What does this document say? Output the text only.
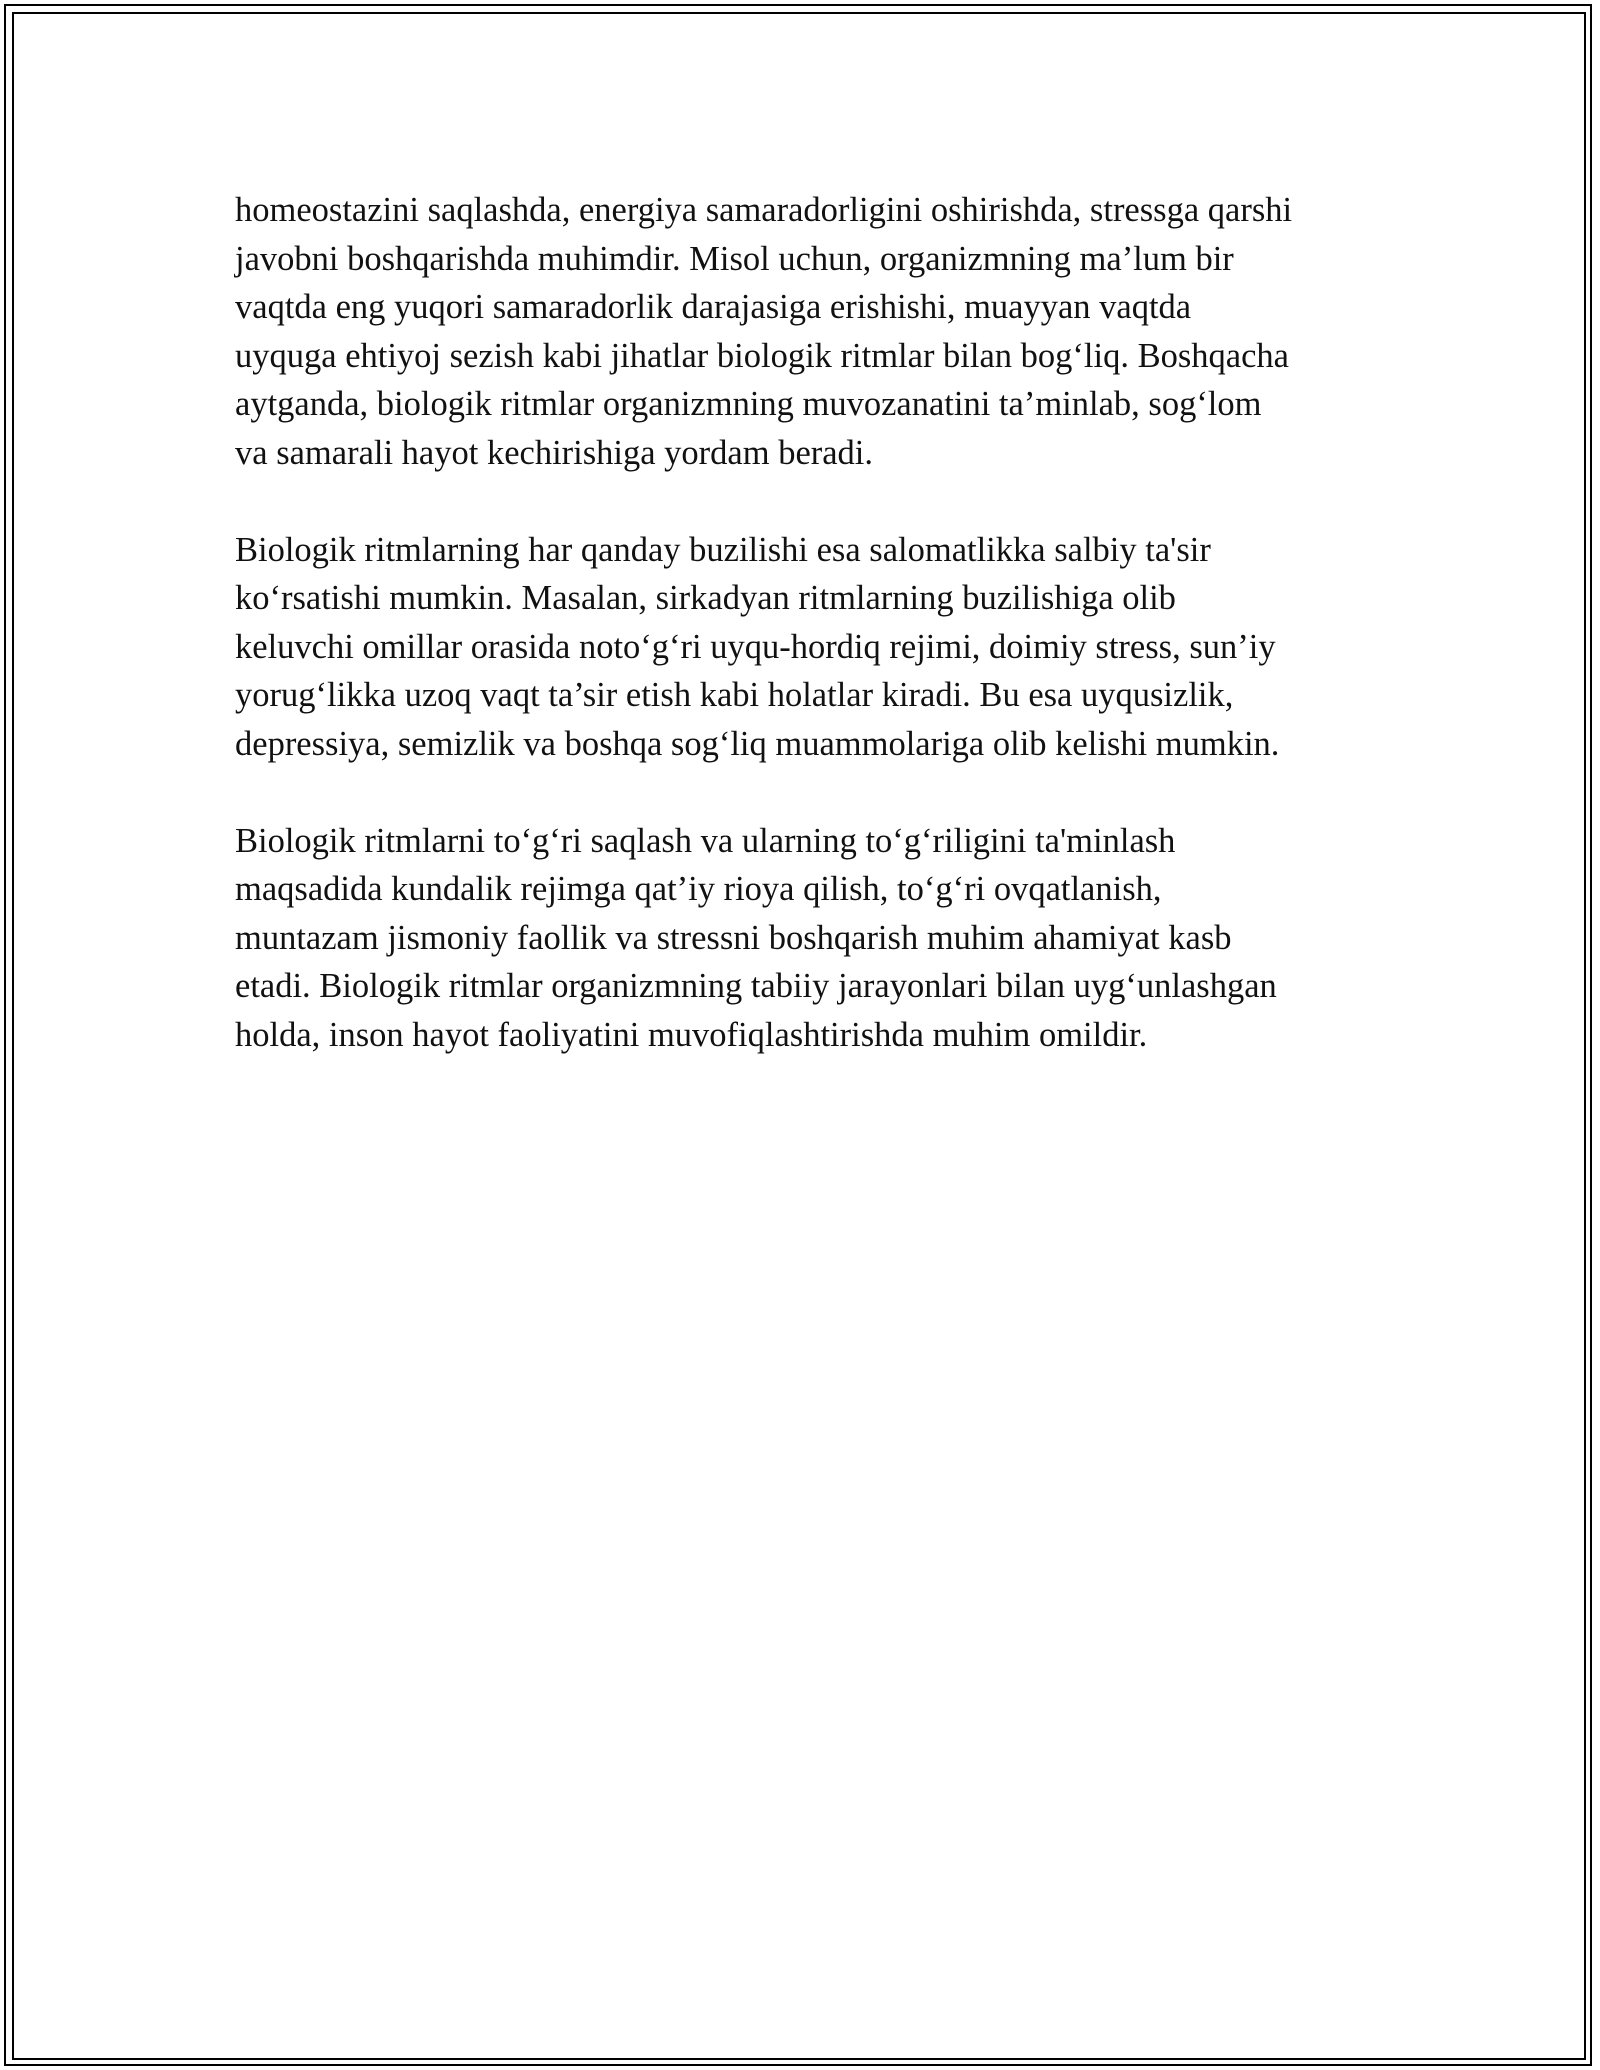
homeostazini saqlashda, energiya samaradorligini oshirishda, stressga qarshi
javobni boshqarishda muhimdir. Misol uchun, organizmning ma’lum bir
vaqtda eng yuqori samaradorlik darajasiga erishishi, muayyan vaqtda
uyquga ehtiyoj sezish kabi jihatlar biologik ritmlar bilan bog‘liq. Boshqacha
aytganda, biologik ritmlar organizmning muvozanatini ta’minlab, sog‘lom
va samarali hayot kechirishiga yordam beradi.

Biologik ritmlarning har qanday buzilishi esa salomatlikka salbiy ta'sir
ko‘rsatishi mumkin. Masalan, sirkadyan ritmlarning buzilishiga olib
keluvchi omillar orasida noto‘g‘ri uyqu-hordiq rejimi, doimiy stress, sun’iy
yorug‘likka uzoq vaqt ta’sir etish kabi holatlar kiradi. Bu esa uyqusizlik,
depressiya, semizlik va boshqa sog‘liq muammolariga olib kelishi mumkin.

Biologik ritmlarni to‘g‘ri saqlash va ularning to‘g‘riligini ta'minlash
maqsadida kundalik rejimga qat’iy rioya qilish, to‘g‘ri ovqatlanish,
muntazam jismoniy faollik va stressni boshqarish muhim ahamiyat kasb
etadi. Biologik ritmlar organizmning tabiiy jarayonlari bilan uyg‘unlashgan
holda, inson hayot faoliyatini muvofiqlashtirishda muhim omildir.
